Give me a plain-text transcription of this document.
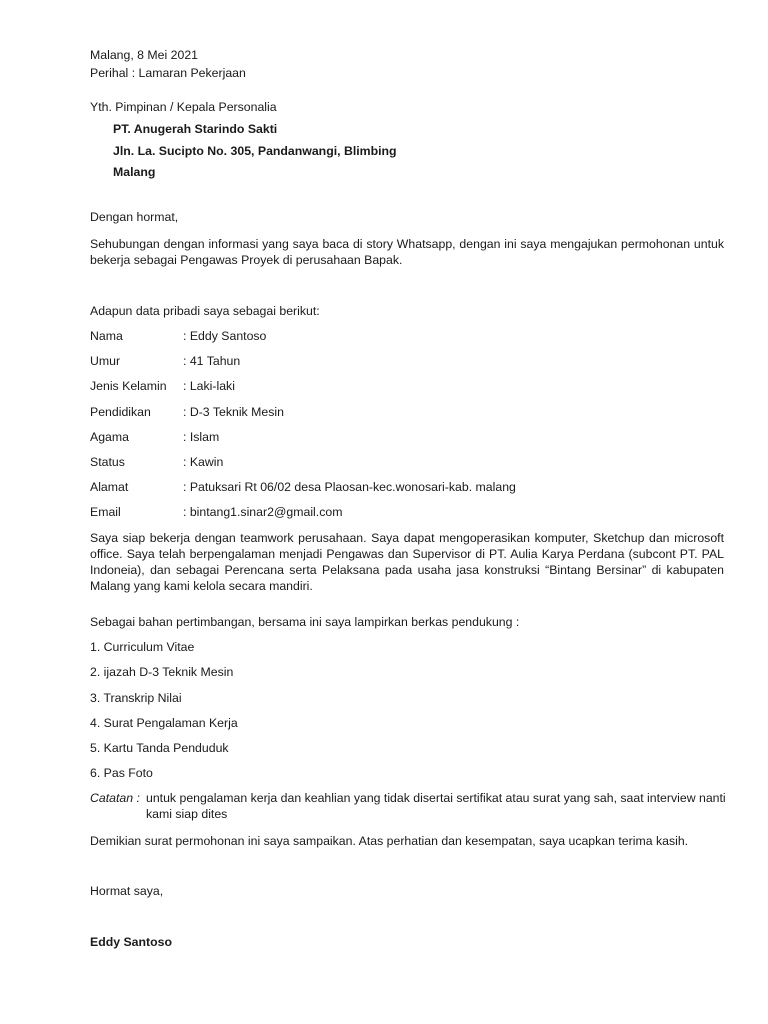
Malang, 8 Mei 2021
Perihal : Lamaran Pekerjaan
Yth. Pimpinan / Kepala Personalia
PT. Anugerah Starindo Sakti
Jln. La. Sucipto No. 305, Pandanwangi, Blimbing
Malang
Dengan hormat,
Sehubungan dengan informasi yang saya baca di story Whatsapp, dengan ini saya mengajukan permohonan untuk bekerja sebagai Pengawas Proyek di perusahaan Bapak.
Adapun data pribadi saya sebagai berikut:
Nama	: Eddy Santoso
Umur	: 41 Tahun
Jenis Kelamin : Laki-laki
Pendidikan	: D-3 Teknik Mesin
Agama	: Islam
Status	: Kawin
Alamat	: Patuksari Rt 06/02 desa Plaosan-kec.wonosari-kab. malang
Email	: bintang1.sinar2@gmail.com
Saya siap bekerja dengan teamwork perusahaan. Saya dapat mengoperasikan komputer, Sketchup dan microsoft office. Saya telah berpengalaman menjadi Pengawas dan Supervisor di PT. Aulia Karya Perdana (subcont PT. PAL Indoneia), dan sebagai Perencana serta Pelaksana pada usaha jasa konstruksi “Bintang Bersinar” di kabupaten Malang yang kami kelola secara mandiri.
Sebagai bahan pertimbangan, bersama ini saya lampirkan berkas pendukung :
1. Curriculum Vitae
2. ijazah D-3 Teknik Mesin
3. Transkrip Nilai
4. Surat Pengalaman Kerja
5. Kartu Tanda Penduduk
6. Pas Foto
Catatan : untuk pengalaman kerja dan keahlian yang tidak disertai sertifikat atau surat yang sah, saat interview nanti kami siap dites
Demikian surat permohonan ini saya sampaikan. Atas perhatian dan kesempatan, saya ucapkan terima kasih.
Hormat saya,
Eddy Santoso
